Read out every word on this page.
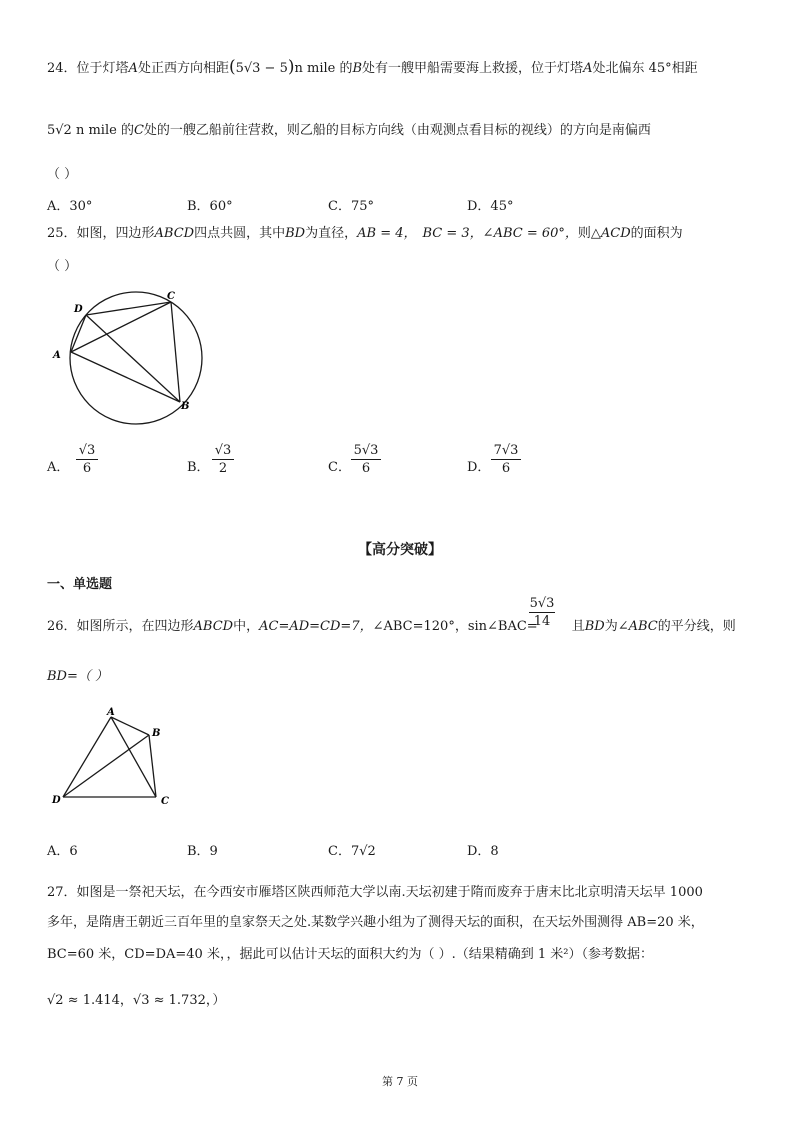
24．位于灯塔A处正西方向相距(5√3 − 5)n mile 的B处有一艘甲船需要海上救援，位于灯塔A处北偏东 45°相距
5√2 n mile 的C处的一艘乙船前往营救，则乙船的目标方向线（由观测点看目标的视线）的方向是南偏西
（ ）
A．30°	B．60°	C．75°	D．45°
25．如图，四边形ABCD四点共圆，其中BD为直径，AB = 4， BC = 3，∠ABC = 60°，则△ACD的面积为
（ ）
D
C
A
B
A．
√3
6	B．
√3
2	C．
5√3
6	D．
7√3
6
【高分突破】
一、单选题
5√3
14
26．如图所示，在四边形ABCD中，AC=AD=CD=7，∠ABC=120°，sin∠BAC=	且BD为∠ABC的平分线，则
BD=（ ）
A
B
C
D
A．6	B．9	C．7√2	D．8
27．如图是一祭祀天坛，在今西安市雁塔区陕西师范大学以南.天坛初建于隋而废弃于唐末比北京明清天坛早 1000
多年，是隋唐王朝近三百年里的皇家祭天之处.某数学兴趣小组为了测得天坛的面积，在天坛外围测得 AB=20 米，
BC=60 米，CD=DA=40 米，，据此可以估计天坛的面积大约为（ ）.（结果精确到 1 米²）（参考数据：
√2 ≈ 1.414，√3 ≈ 1.732，）
第 7 页
